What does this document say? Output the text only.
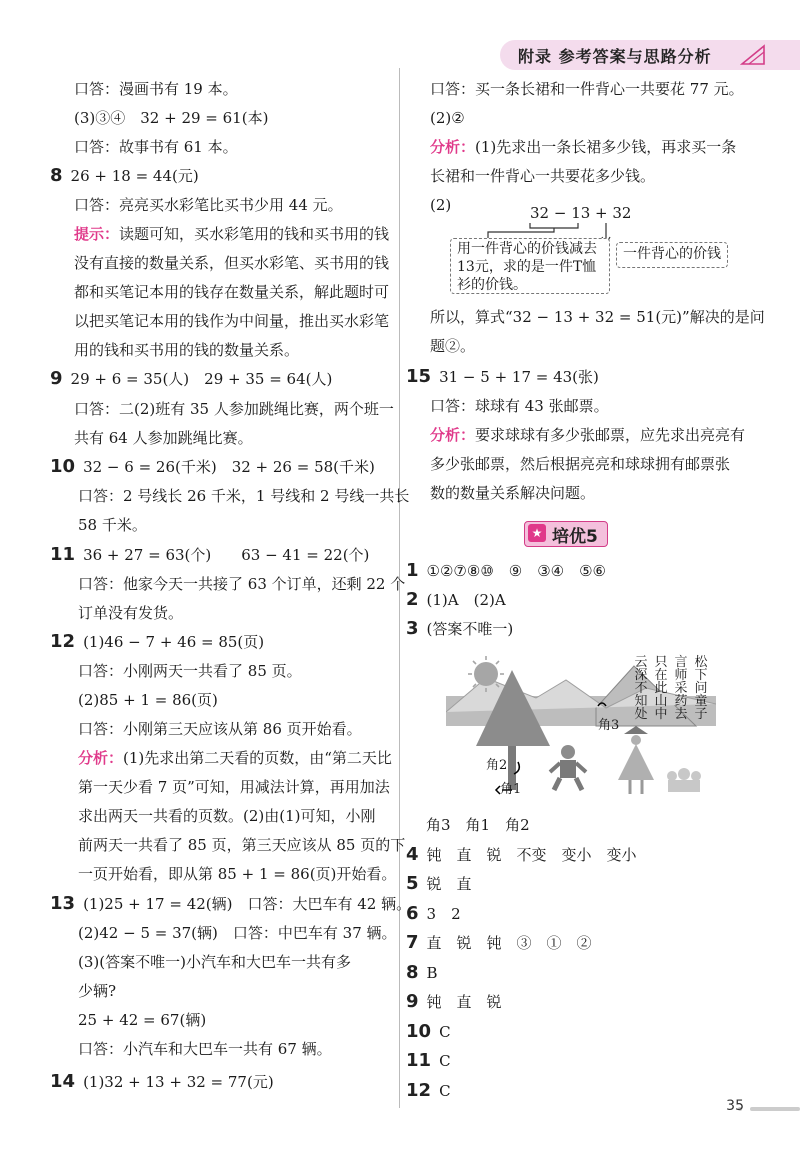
附录 参考答案与思路分析
口答：漫画书有 19 本。
(3)③④　32 + 29 = 61(本)
口答：故事书有 61 本。
8 26 + 18 = 44(元)
口答：亮亮买水彩笔比买书少用 44 元。
提示：读题可知，买水彩笔用的钱和买书用的钱
没有直接的数量关系，但买水彩笔、买书用的钱
都和买笔记本用的钱存在数量关系，解此题时可
以把买笔记本用的钱作为中间量，推出买水彩笔
用的钱和买书用的钱的数量关系。
9 29 + 6 = 35(人)　29 + 35 = 64(人)
口答：二(2)班有 35 人参加跳绳比赛，两个班一
共有 64 人参加跳绳比赛。
10 32 − 6 = 26(千米)　32 + 26 = 58(千米)
口答：2 号线长 26 千米，1 号线和 2 号线一共长
58 千米。
11 36 + 27 = 63(个)　　63 − 41 = 22(个)
口答：他家今天一共接了 63 个订单，还剩 22 个
订单没有发货。
12 (1)46 − 7 + 46 = 85(页)
口答：小刚两天一共看了 85 页。
(2)85 + 1 = 86(页)
口答：小刚第三天应该从第 86 页开始看。
分析：(1)先求出第二天看的页数，由“第二天比
第一天少看 7 页”可知，用减法计算，再用加法
求出两天一共看的页数。(2)由(1)可知，小刚
前两天一共看了 85 页，第三天应该从 85 页的下
一页开始看，即从第 85 + 1 = 86(页)开始看。
13 (1)25 + 17 = 42(辆)　口答：大巴车有 42 辆。
(2)42 − 5 = 37(辆)　口答：中巴车有 37 辆。
(3)(答案不唯一)小汽车和大巴车一共有多
少辆?
25 + 42 = 67(辆)
口答：小汽车和大巴车一共有 67 辆。
14 (1)32 + 13 + 32 = 77(元)
32 − 13 + 32
用一件背心的价钱减去
13元，求的是一件T恤
衫的价钱。
一件背心的价钱
★ 培优5
角3
角2
角1
松下问童子
言师采药去
只在此山中
云深不知处
角3　角1　角2
口答：买一条长裙和一件背心一共要花 77 元。
(2)②
分析：(1)先求出一条长裙多少钱，再求买一条
长裙和一件背心一共要花多少钱。
(2)
所以，算式“32 − 13 + 32 = 51(元)”解决的是问
题②。
15 31 − 5 + 17 = 43(张)
口答：球球有 43 张邮票。
分析：要求球球有多少张邮票，应先求出亮亮有
多少张邮票，然后根据亮亮和球球拥有邮票张
数的数量关系解决问题。
1 ①②⑦⑧⑩　⑨　③④　⑤⑥
2 (1)A　(2)A
3 (答案不唯一)
4 钝　直　锐　不变　变小　变小
5 锐　直
6 3　2
7 直　锐　钝　③　①　②
8 B
9 钝　直　锐
10 C
11 C
12 C
35
